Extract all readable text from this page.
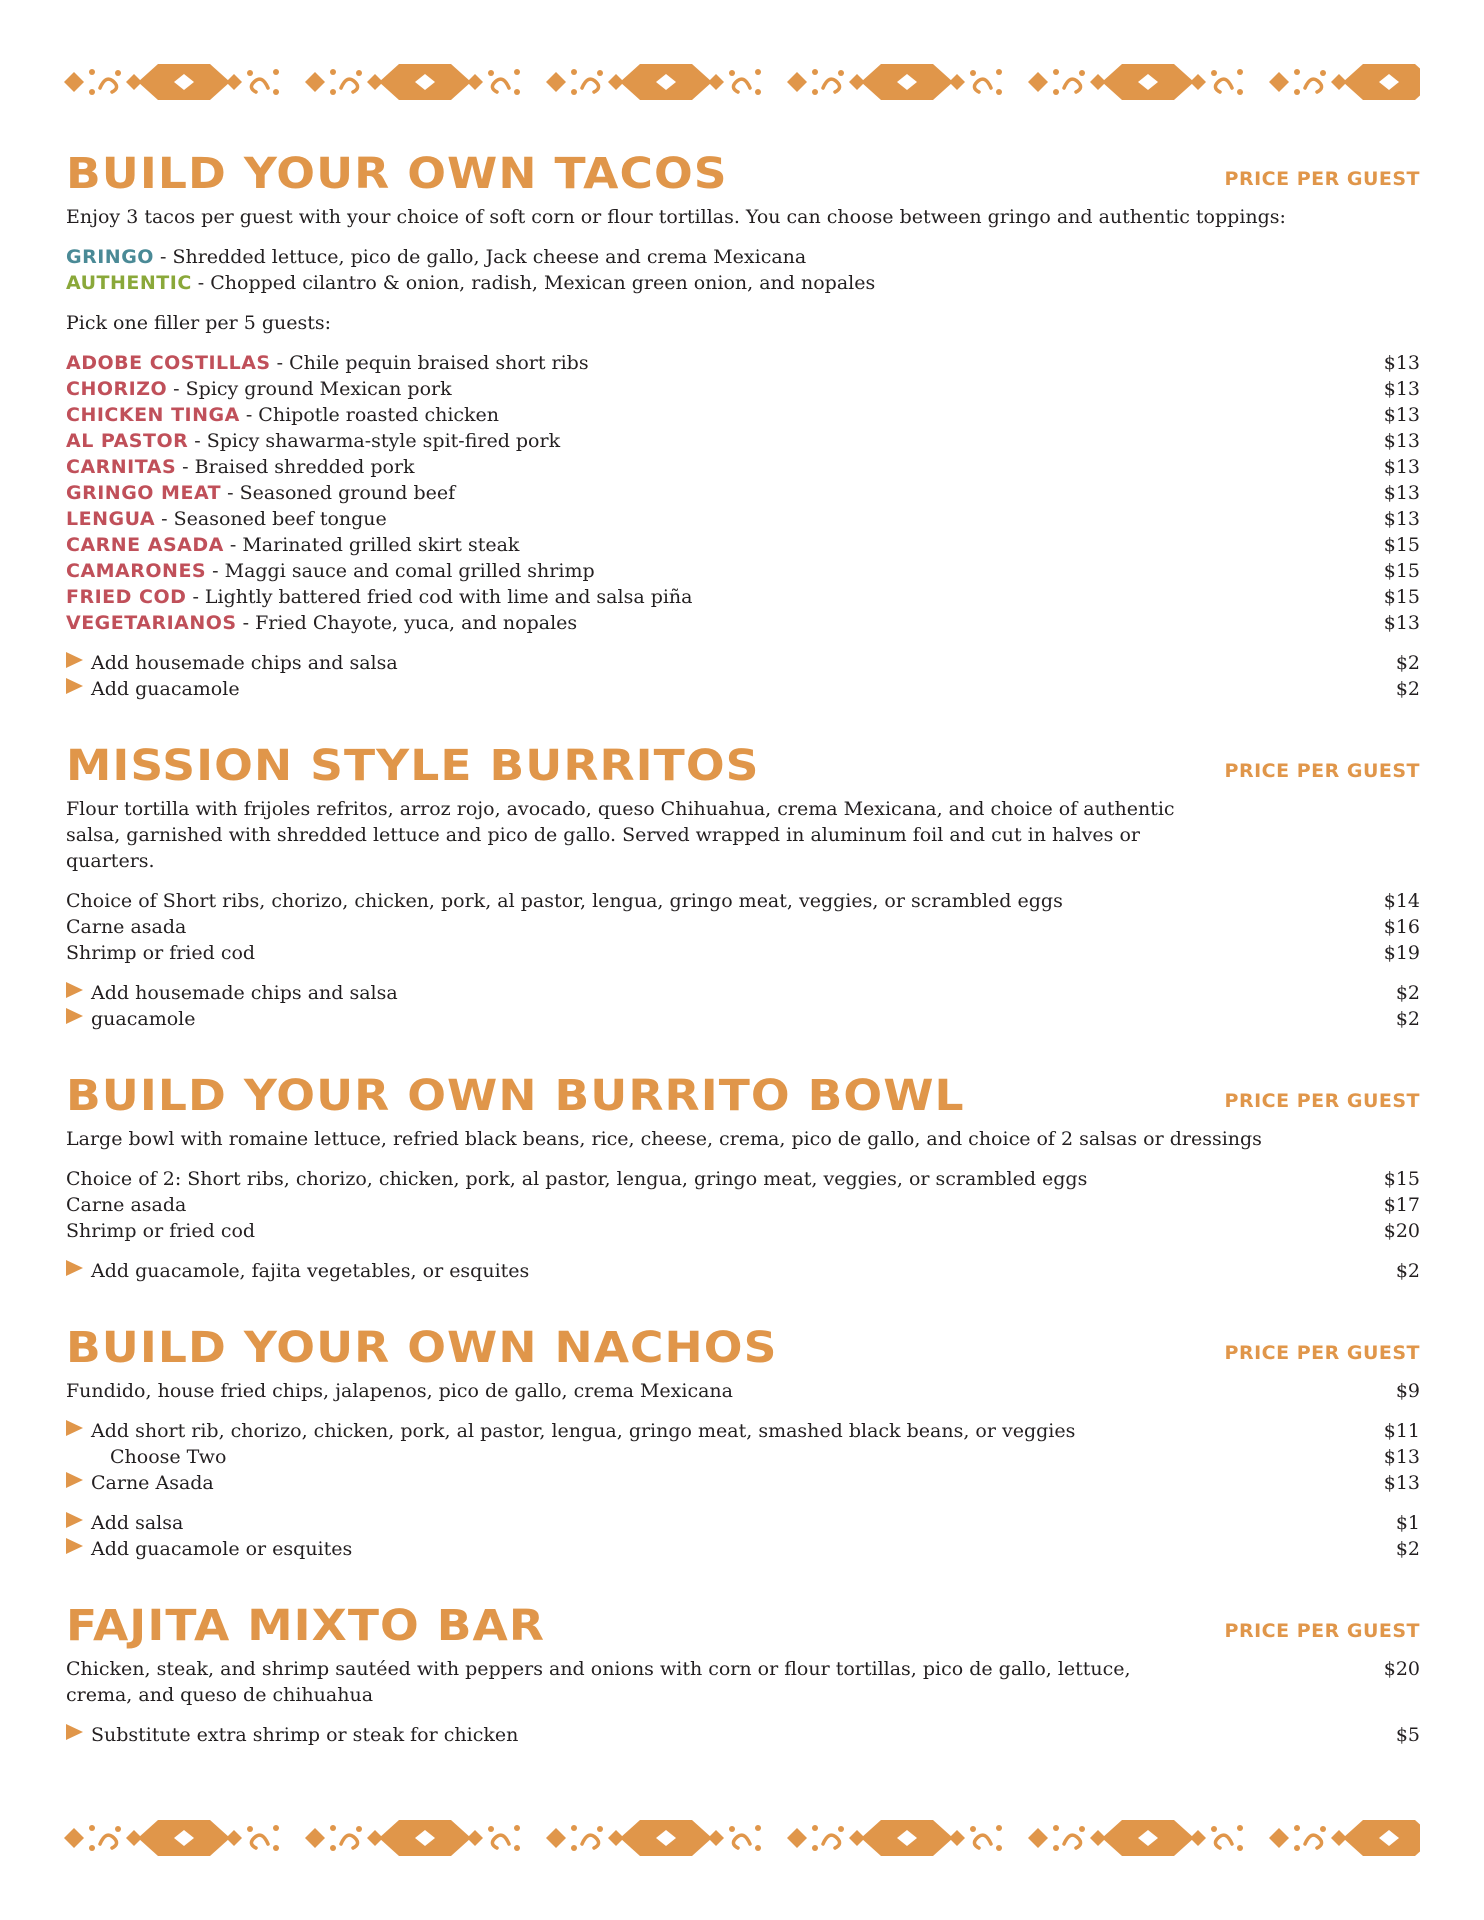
BUILD YOUR OWN TACOS	PRICE PER GUEST
Enjoy 3 tacos per guest with your choice of soft corn or flour tortillas. You can choose between gringo and authentic toppings:
GRINGO - Shredded lettuce, pico de gallo, Jack cheese and crema Mexicana
AUTHENTIC - Chopped cilantro & onion, radish, Mexican green onion, and nopales
Pick one filler per 5 guests:
ADOBE COSTILLAS - Chile pequin braised short ribs	$13
CHORIZO - Spicy ground Mexican pork	$13
CHICKEN TINGA - Chipotle roasted chicken	$13
AL PASTOR - Spicy shawarma-style spit-fired pork	$13
CARNITAS - Braised shredded pork	$13
GRINGO MEAT - Seasoned ground beef	$13
LENGUA - Seasoned beef tongue	$13
CARNE ASADA - Marinated grilled skirt steak	$15
CAMARONES - Maggi sauce and comal grilled shrimp	$15
FRIED COD - Lightly battered fried cod with lime and salsa piña	$15
VEGETARIANOS - Fried Chayote, yuca, and nopales	$13
Add housemade chips and salsa	$2
Add guacamole	$2
MISSION STYLE BURRITOS	PRICE PER GUEST
Flour tortilla with frijoles refritos, arroz rojo, avocado, queso Chihuahua, crema Mexicana, and choice of authentic salsa, garnished with shredded lettuce and pico de gallo. Served wrapped in aluminum foil and cut in halves or quarters.
Choice of Short ribs, chorizo, chicken, pork, al pastor, lengua, gringo meat, veggies, or scrambled eggs	$14
Carne asada	$16
Shrimp or fried cod	$19
Add housemade chips and salsa	$2
guacamole	$2
BUILD YOUR OWN BURRITO BOWL	PRICE PER GUEST
Large bowl with romaine lettuce, refried black beans, rice, cheese, crema, pico de gallo, and choice of 2 salsas or dressings
Choice of 2: Short ribs, chorizo, chicken, pork, al pastor, lengua, gringo meat, veggies, or scrambled eggs	$15
Carne asada	$17
Shrimp or fried cod	$20
Add guacamole, fajita vegetables, or esquites	$2
BUILD YOUR OWN NACHOS	PRICE PER GUEST
Fundido, house fried chips, jalapenos, pico de gallo, crema Mexicana	$9
Add short rib, chorizo, chicken, pork, al pastor, lengua, gringo meat, smashed black beans, or veggies	$11
Choose Two	$13
Carne Asada	$13
Add salsa	$1
Add guacamole or esquites	$2
FAJITA MIXTO BAR	PRICE PER GUEST
Chicken, steak, and shrimp sautéed with peppers and onions with corn or flour tortillas, pico de gallo, lettuce, crema, and queso de chihuahua
$20
Substitute extra shrimp or steak for chicken	$5
